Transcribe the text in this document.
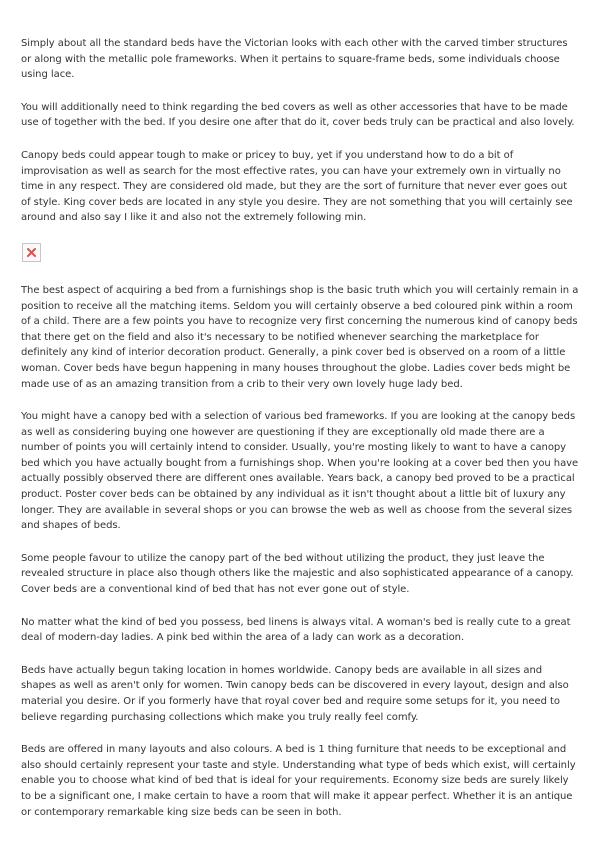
Simply about all the standard beds have the Victorian looks with each other with the carved timber structures or along with the metallic pole frameworks. When it pertains to square-frame beds, some individuals choose using lace.

You will additionally need to think regarding the bed covers as well as other accessories that have to be made use of together with the bed. If you desire one after that do it, cover beds truly can be practical and also lovely.

Canopy beds could appear tough to make or pricey to buy, yet if you understand how to do a bit of improvisation as well as search for the most effective rates, you can have your extremely own in virtually no time in any respect. They are considered old made, but they are the sort of furniture that never ever goes out of style. King cover beds are located in any style you desire. They are not something that you will certainly see around and also say I like it and also not the extremely following min.

The best aspect of acquiring a bed from a furnishings shop is the basic truth which you will certainly remain in a position to receive all the matching items. Seldom you will certainly observe a bed coloured pink within a room of a child. There are a few points you have to recognize very first concerning the numerous kind of canopy beds that there get on the field and also it's necessary to be notified whenever searching the marketplace for definitely any kind of interior decoration product. Generally, a pink cover bed is observed on a room of a little woman. Cover beds have begun happening in many houses throughout the globe. Ladies cover beds might be made use of as an amazing transition from a crib to their very own lovely huge lady bed.

You might have a canopy bed with a selection of various bed frameworks. If you are looking at the canopy beds as well as considering buying one however are questioning if they are exceptionally old made there are a number of points you will certainly intend to consider. Usually, you're mosting likely to want to have a canopy bed which you have actually bought from a furnishings shop. When you're looking at a cover bed then you have actually possibly observed there are different ones available. Years back, a canopy bed proved to be a practical product. Poster cover beds can be obtained by any individual as it isn't thought about a little bit of luxury any longer. They are available in several shops or you can browse the web as well as choose from the several sizes and shapes of beds.

Some people favour to utilize the canopy part of the bed without utilizing the product, they just leave the revealed structure in place also though others like the majestic and also sophisticated appearance of a canopy. Cover beds are a conventional kind of bed that has not ever gone out of style.

No matter what the kind of bed you possess, bed linens is always vital. A woman's bed is really cute to a great deal of modern-day ladies. A pink bed within the area of a lady can work as a decoration.

Beds have actually begun taking location in homes worldwide. Canopy beds are available in all sizes and shapes as well as aren't only for women. Twin canopy beds can be discovered in every layout, design and also material you desire. Or if you formerly have that royal cover bed and require some setups for it, you need to believe regarding purchasing collections which make you truly really feel comfy.

Beds are offered in many layouts and also colours. A bed is 1 thing furniture that needs to be exceptional and also should certainly represent your taste and style. Understanding what type of beds which exist, will certainly enable you to choose what kind of bed that is ideal for your requirements. Economy size beds are surely likely to be a significant one, I make certain to have a room that will make it appear perfect. Whether it is an antique or contemporary remarkable king size beds can be seen in both.
